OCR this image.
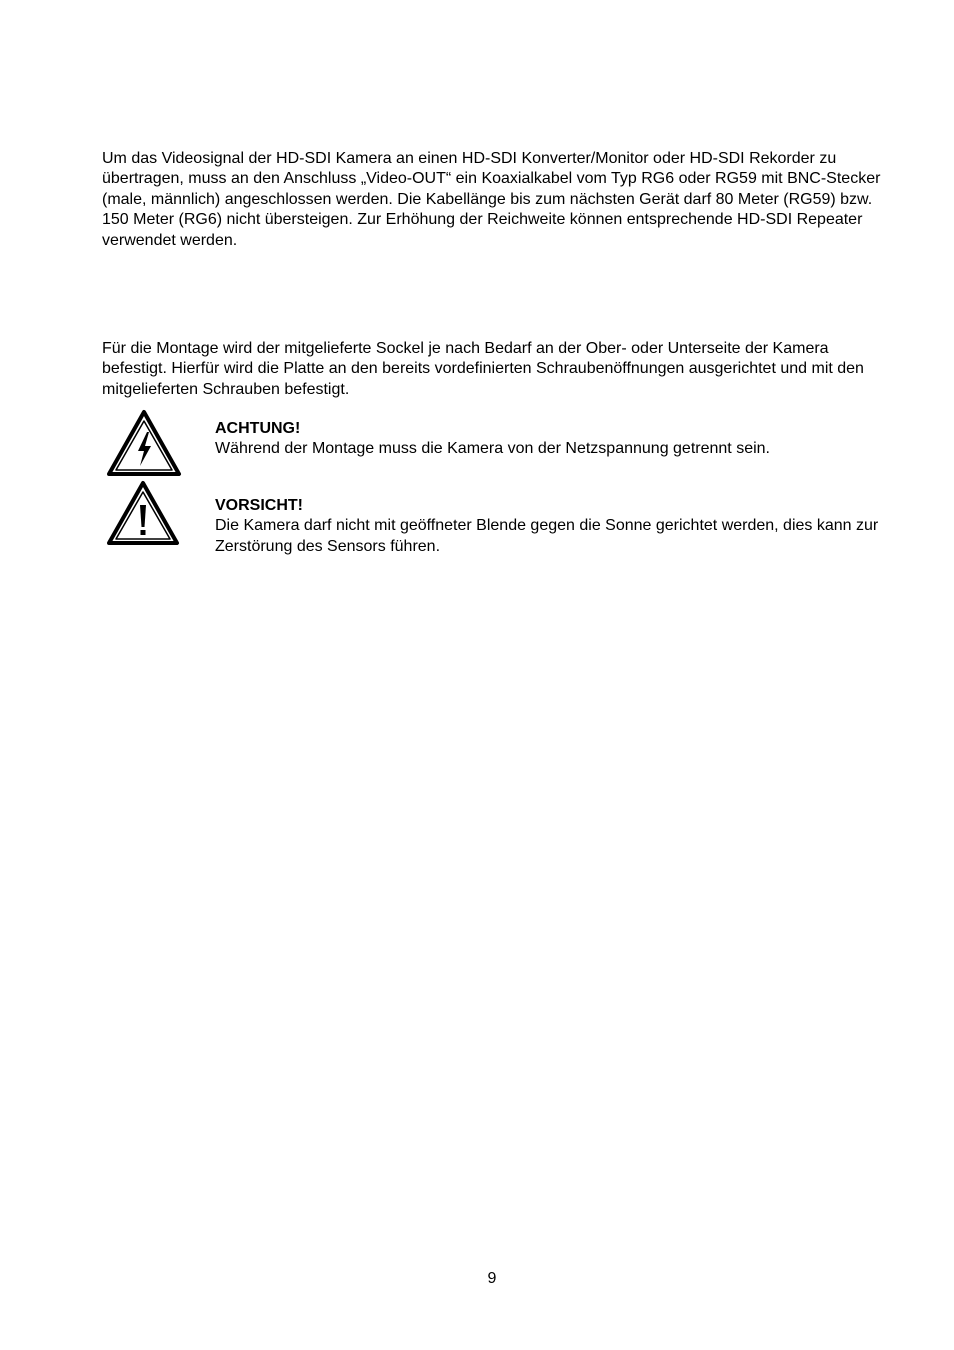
Um das Videosignal der HD-SDI Kamera an einen HD-SDI Konverter/Monitor oder HD-SDI Rekorder zu übertragen, muss an den Anschluss „Video-OUT“ ein Koaxialkabel vom Typ RG6 oder RG59 mit BNC-Stecker (male, männlich) angeschlossen werden. Die Kabellänge bis zum nächsten Gerät darf 80 Meter (RG59) bzw. 150 Meter (RG6) nicht übersteigen. Zur Erhöhung der Reichweite können entsprechende HD-SDI Repeater verwendet werden.

Für die Montage wird der mitgelieferte Sockel je nach Bedarf an der Ober- oder Unterseite der Kamera befestigt. Hierfür wird die Platte an den bereits vordefinierten Schraubenöffnungen ausgerichtet und mit den mitgelieferten Schrauben befestigt.

ACHTUNG!
Während der Montage muss die Kamera von der Netzspannung getrennt sein.
VORSICHT!
Die Kamera darf nicht mit geöffneter Blende gegen die Sonne gerichtet werden, dies kann zur Zerstörung des Sensors führen.
9
